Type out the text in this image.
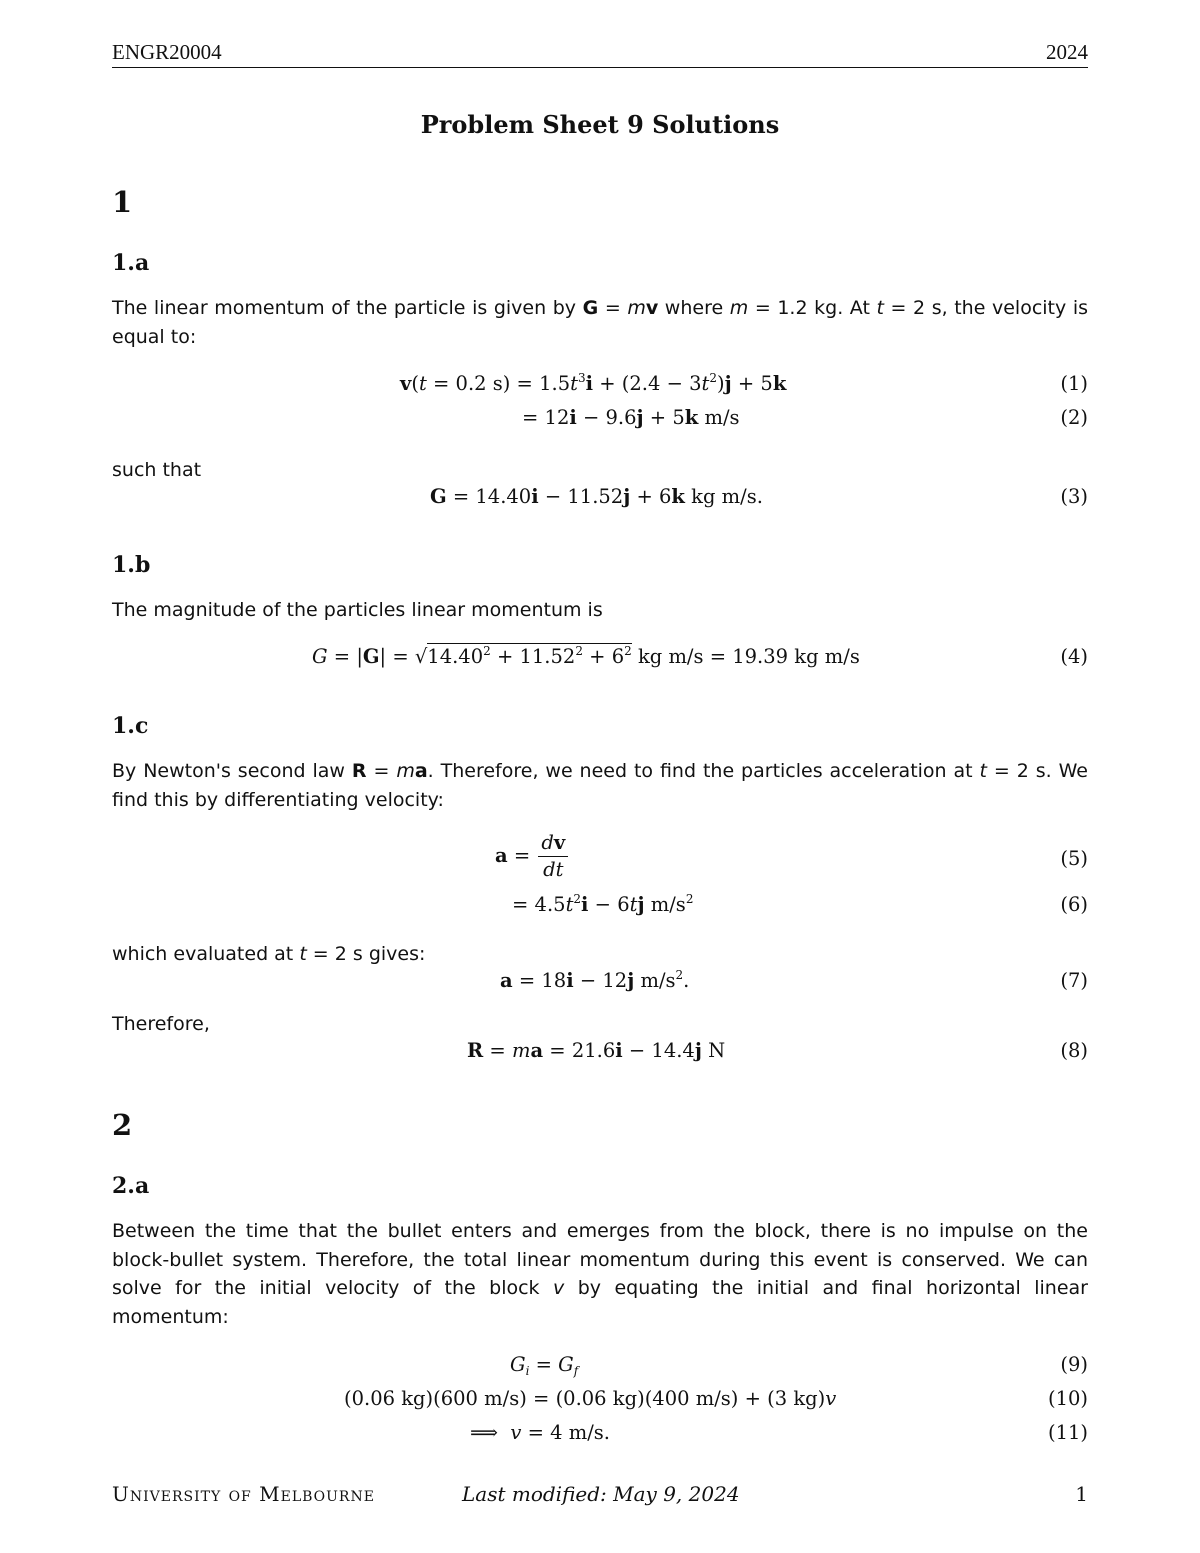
ENGR20004	2024
Problem Sheet 9 Solutions
1
1.a
The linear momentum of the particle is given by G = mv where m = 1.2 kg. At t = 2 s, the velocity is equal to:
v(t = 0.2 $s) = 1.5t^3i + (2.4 - 3t^2)j + 5k$	(1)
= 12i − 9.6j + 5k m/s	(2)
such that
G = 14.40i − 11.52j + 6k kg m/s.	(3)
1.b
The magnitude of the particles linear momentum is
$G = |G| = √14.40^2 + 11.52^2 + 6^2$ kg m/s = 19.39 kg m/s	(4)
1.c
By Newton's second law R = ma. Therefore, we need to find the particles acceleration at t = 2 s. We find this by differentiating velocity:
$a = \frac{dv}{dt}$	(5)
= $4.5t^2i - 6tj$ $m/s^2$	(6)
which evaluated at t = 2 s gives:
a = 18i − 12j $m/s^2$.	(7)
Therefore,
R = ma = 21.6i − 14.4j N	(8)
2
2.a
Between the time that the bullet enters and emerges from the block, there is no impulse on the block-bullet system. Therefore, the total linear momentum during this event is conserved. We can solve for the initial velocity of the block v by equating the initial and final horizontal linear momentum:
$G_i = G_f$	(9)
(0.06 kg)(600 m/s) = (0.06 kg)(400 m/s) + (3 kg)v	(10)
⟹  v = 4 m/s.	(11)
University of Melbourne	Last modified: May 9, 2024	1
